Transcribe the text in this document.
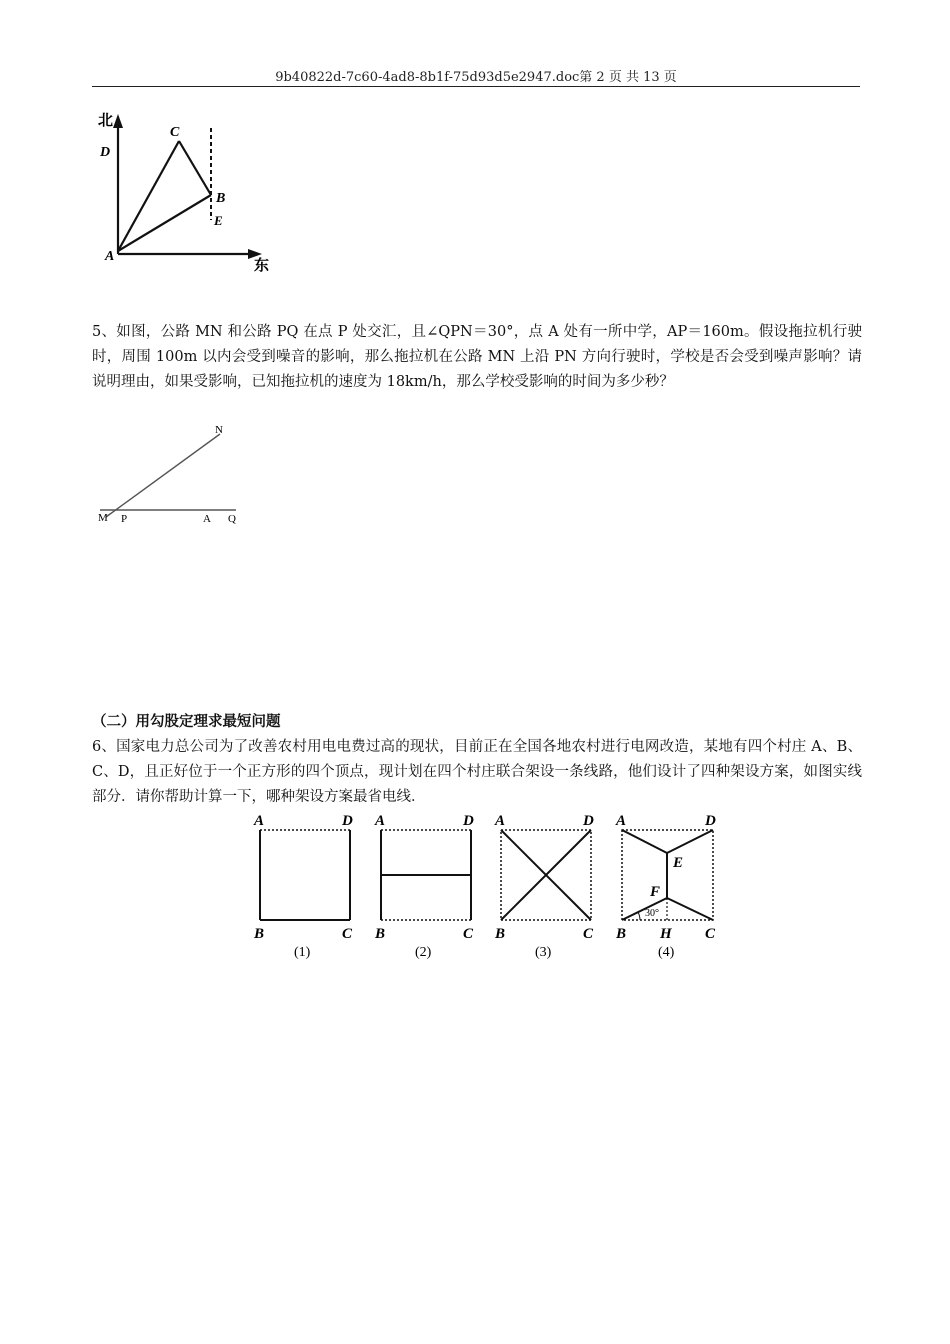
9b40822d-7c60-4ad8-8b1f-75d93d5e2947.doc第 2 页 共 13 页
北
D
C
B
E
A
东
5、如图，公路 MN 和公路 PQ 在点 P 处交汇，且∠QPN＝30°，点 A 处有一所中学，AP＝160m。假设拖拉机行驶时，周围 100m 以内会受到噪音的影响，那么拖拉机在公路 MN 上沿 PN 方向行驶时，学校是否会受到噪声影响？请说明理由，如果受影响，已知拖拉机的速度为 18km/h，那么学校受影响的时间为多少秒？
N
M P	A Q
（二）用勾股定理求最短问题
6、国家电力总公司为了改善农村用电电费过高的现状，目前正在全国各地农村进行电网改造，某地有四个村庄 A、B、C、D，且正好位于一个正方形的四个顶点，现计划在四个村庄联合架设一条线路，他们设计了四种架设方案，如图实线部分．请你帮助计算一下，哪种架设方案最省电线．
A	D
B	C
(1)
A	D
B	C
(2)
A	D
B	C
(3)
A	D
E
F
30°
B H C
(4)
